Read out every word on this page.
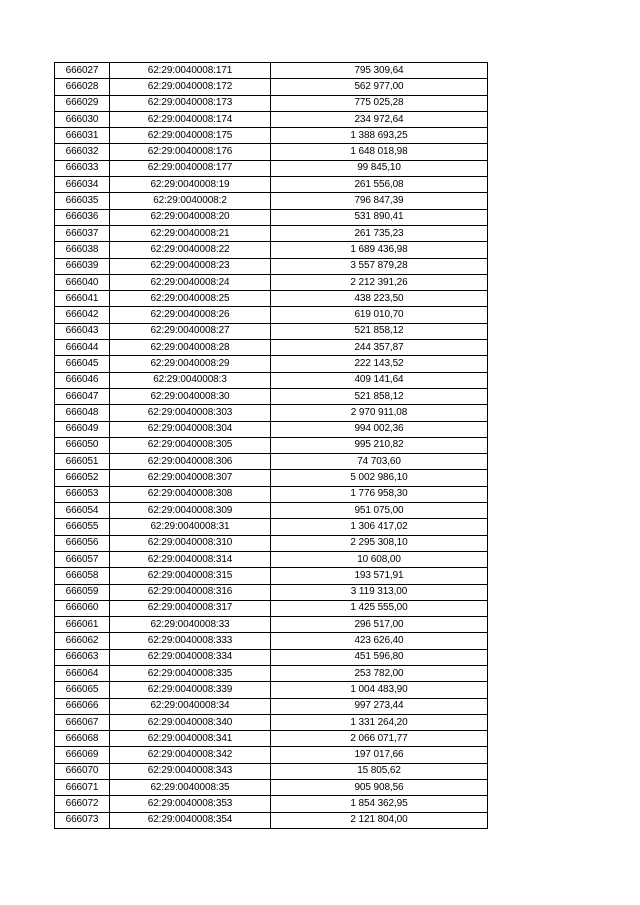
666027	62:29:0040008:171	795 309,64
666028	62:29:0040008:172	562 977,00
666029	62:29:0040008:173	775 025,28
666030	62:29:0040008:174	234 972,64
666031	62:29:0040008:175	1 388 693,25
666032	62:29:0040008:176	1 648 018,98
666033	62:29:0040008:177	99 845,10
666034	62:29:0040008:19	261 556,08
666035	62:29:0040008:2	796 847,39
666036	62:29:0040008:20	531 890,41
666037	62:29:0040008:21	261 735,23
666038	62:29:0040008:22	1 689 436,98
666039	62:29:0040008:23	3 557 879,28
666040	62:29:0040008:24	2 212 391,26
666041	62:29:0040008:25	438 223,50
666042	62:29:0040008:26	619 010,70
666043	62:29:0040008:27	521 858,12
666044	62:29:0040008:28	244 357,87
666045	62:29:0040008:29	222 143,52
666046	62:29:0040008:3	409 141,64
666047	62:29:0040008:30	521 858,12
666048	62:29:0040008:303	2 970 911,08
666049	62:29:0040008:304	994 002,36
666050	62:29:0040008:305	995 210,82
666051	62:29:0040008:306	74 703,60
666052	62:29:0040008:307	5 002 986,10
666053	62:29:0040008:308	1 776 958,30
666054	62:29:0040008:309	951 075,00
666055	62:29:0040008:31	1 306 417,02
666056	62:29:0040008:310	2 295 308,10
666057	62:29:0040008:314	10 608,00
666058	62:29:0040008:315	193 571,91
666059	62:29:0040008:316	3 119 313,00
666060	62:29:0040008:317	1 425 555,00
666061	62:29:0040008:33	296 517,00
666062	62:29:0040008:333	423 626,40
666063	62:29:0040008:334	451 596,80
666064	62:29:0040008:335	253 782,00
666065	62:29:0040008:339	1 004 483,90
666066	62:29:0040008:34	997 273,44
666067	62:29:0040008:340	1 331 264,20
666068	62:29:0040008:341	2 066 071,77
666069	62:29:0040008:342	197 017,66
666070	62:29:0040008:343	15 805,62
666071	62:29:0040008:35	905 908,56
666072	62:29:0040008:353	1 854 362,95
666073	62:29:0040008:354	2 121 804,00
